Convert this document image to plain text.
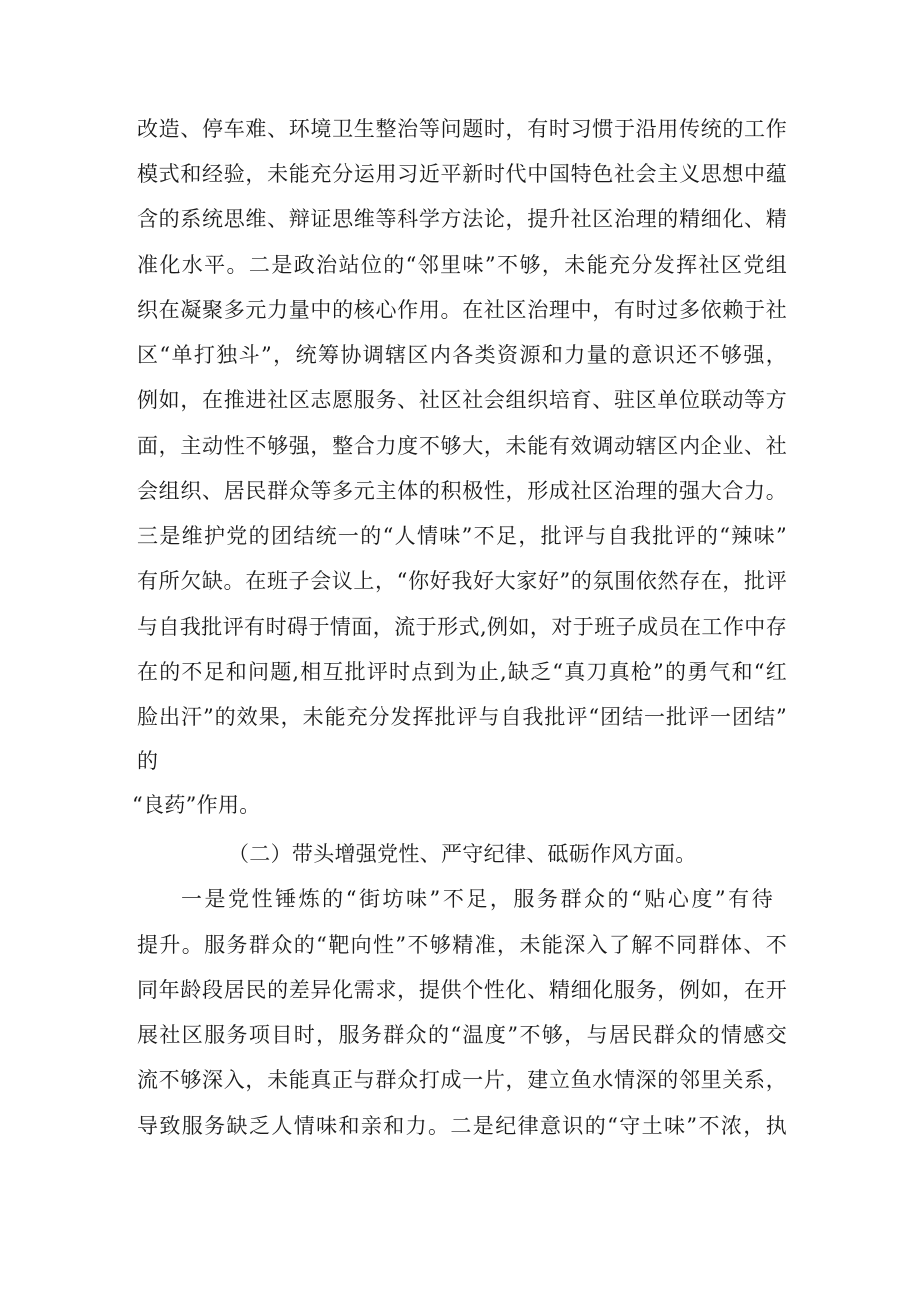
改造、停车难、环境卫生整治等问题时，有时习惯于沿用传统的工作
模式和经验，未能充分运用习近平新时代中国特色社会主义思想中蕴
含的系统思维、辩证思维等科学方法论，提升社区治理的精细化、精
准化水平。二是政治站位的“邻里味”不够，未能充分发挥社区党组
织在凝聚多元力量中的核心作用。在社区治理中，有时过多依赖于社
区“单打独斗”，统筹协调辖区内各类资源和力量的意识还不够强，
例如，在推进社区志愿服务、社区社会组织培育、驻区单位联动等方
面，主动性不够强，整合力度不够大，未能有效调动辖区内企业、社
会组织、居民群众等多元主体的积极性，形成社区治理的强大合力。
三是维护党的团结统一的“人情味”不足，批评与自我批评的“辣味”
有所欠缺。在班子会议上，“你好我好大家好”的氛围依然存在，批评
与自我批评有时碍于情面，流于形式,例如，对于班子成员在工作中存
在的不足和问题,相互批评时点到为止,缺乏“真刀真枪”的勇气和“红
脸出汗”的效果，未能充分发挥批评与自我批评“团结一批评一团结”
的
“良药”作用。
（二）带头增强党性、严守纪律、砥砺作风方面。
一是党性锤炼的“街坊味”不足，服务群众的“贴心度”有待
提升。服务群众的“靶向性”不够精准，未能深入了解不同群体、不
同年龄段居民的差异化需求，提供个性化、精细化服务，例如，在开
展社区服务项目时，服务群众的“温度”不够，与居民群众的情感交
流不够深入，未能真正与群众打成一片，建立鱼水情深的邻里关系，
导致服务缺乏人情味和亲和力。二是纪律意识的“守土味”不浓，执
